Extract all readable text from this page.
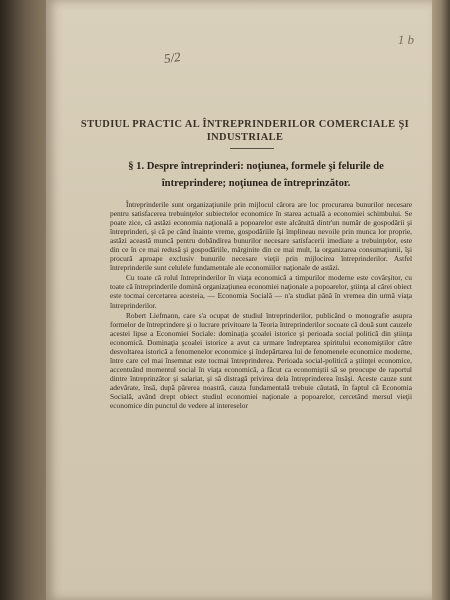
5/2
1 b
STUDIUL PRACTIC AL ÎNTREPRINDERILOR COMERCIALE ŞI INDUSTRIALE
§ 1. Despre întreprinderi: noţiunea, formele şi felurile de întreprindere; noţiunea de întreprinzător.

Întreprinderile sunt organizaţiunile prin mijlocul cărora are loc procurarea bunurilor necesare pentru satisfacerea trebuinţelor subiectelor economice în starea actuală a economiei schimbului. Se poate zice, că astăzi economia naţională a popoarelor este alcătuită dintr'un număr de gospodării şi întreprinderi, şi că pe când înainte vreme, gospodăriile îşi împlineau nevoile prin munca lor proprie, astăzi această muncă pentru dobândirea bunurilor necesare satisfacerii imediate a trebuinţelor, este din ce în ce mai redusă şi gospodăriile, mărginite din ce mai mult, la organizarea consumaţiunii, îşi procură aproape exclusiv bunurile necesare vieţii prin mijlocirea întreprinderilor. Astfel întreprinderile sunt celulele fundamentale ale economiilor naţionale de astăzi.

Cu toate că rolul întreprinderilor în viaţa economică a timpurilor moderne este covârşitor, cu toate că întreprinderile domină organizaţiunea economiei naţionale a popoarelor, ştiinţa al cărei obiect este tocmai cercetarea acesteia, — Economia Socială — n'a studiat până în vremea din urmă viaţa întreprinderilor.

Robert Liefmann, care s'a ocupat de studiul întreprinderilor, publicând o monografie asupra formelor de întreprindere şi o lucrare privitoare la Teoria întreprinderilor socoate că două sunt cauzele acestei lipse a Economiei Sociale: dominaţia şcoalei istorice şi perioada social politică din ştiinţa economică. Dominaţia şcoalei istorice a avut ca urmare îndreptarea spiritului economiştilor către desvoltarea istorică a fenomenelor economice şi îndepărtarea lui de fenomenele economice moderne, între care cel mai însemnat este tocmai întreprinderea. Perioada social-politică a ştiinţei economice, accentuând momentul social în viaţa economică, a făcut ca economiştii să se preocupe de raportul dintre întreprinzător şi salariat, şi să distragă privirea dela întreprinderea însăşi. Aceste cauze sunt adevărate, însă, după părerea noastră, cauza fundamentală trebuie căutată, în faptul că Economia Socială, având drept obiect studiul economiei naţionale a popoarelor, cercetând mersul vieţii economice din punctul de vedere al intereselor
